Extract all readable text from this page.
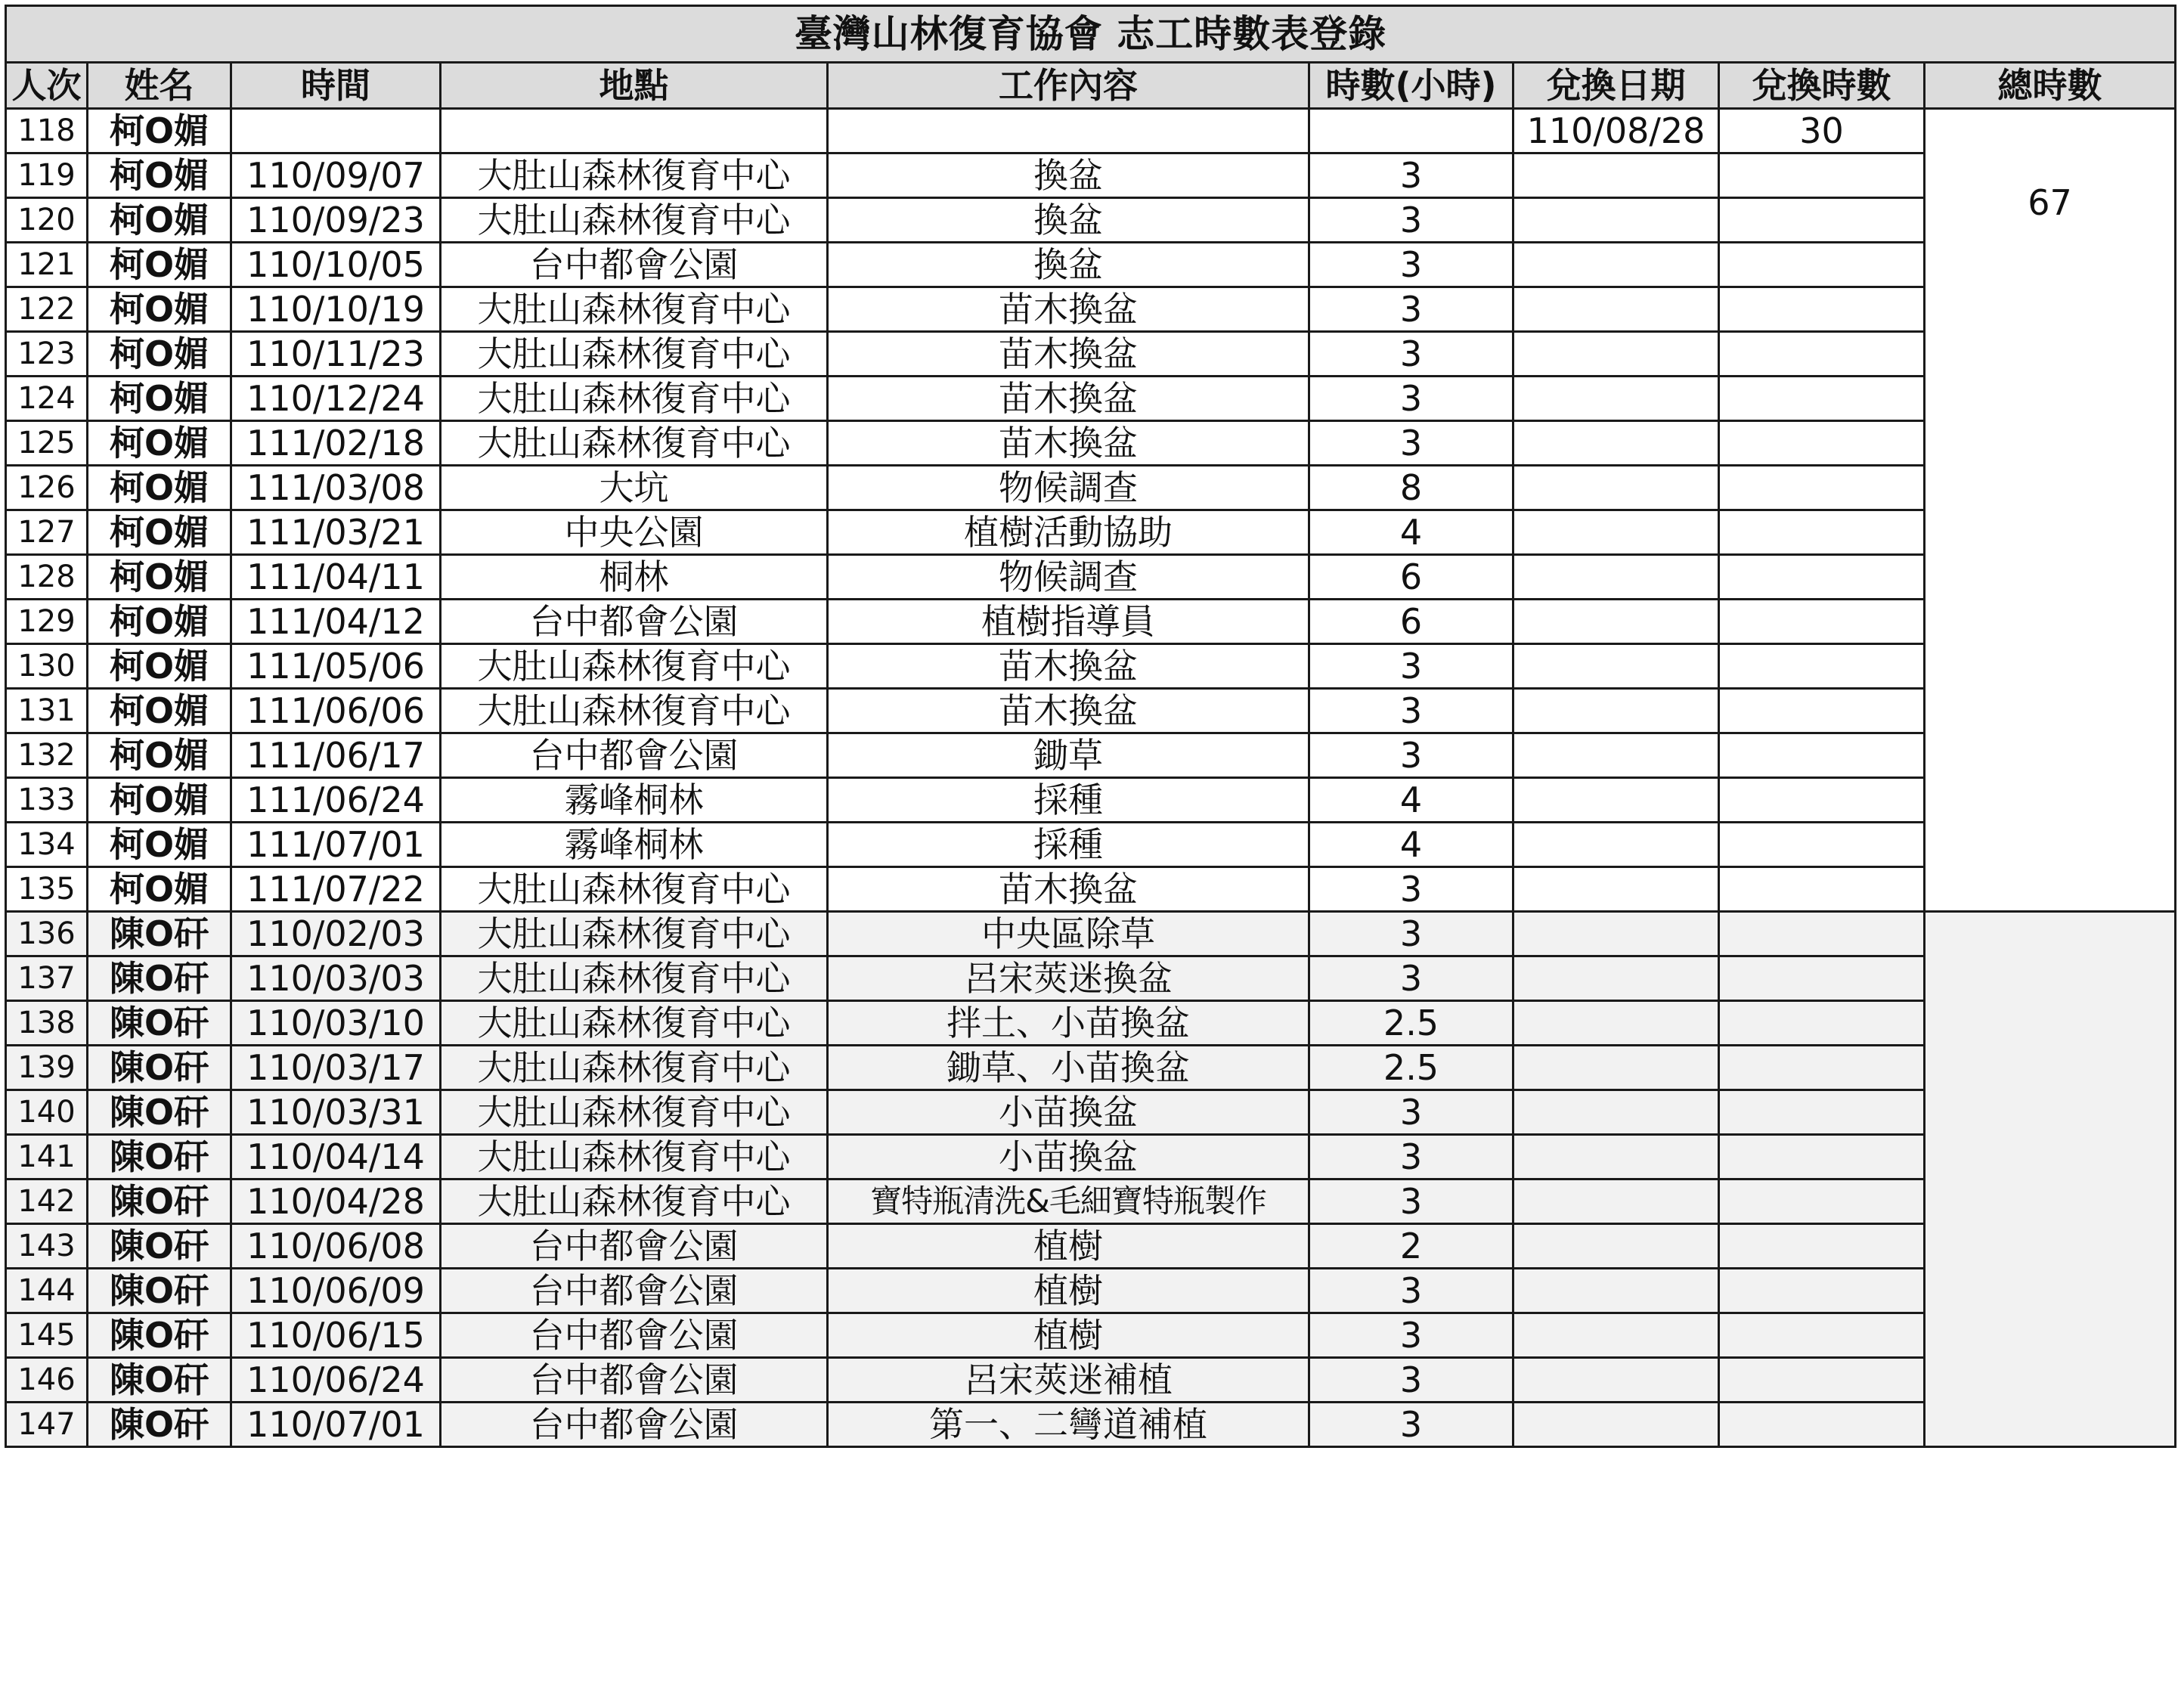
臺灣山林復育協會 志工時數表登錄								
人次	姓名	時間	地點	工作內容	時數(小時)	兌換日期	兌換時數	總時數
118	柯O媚					110/08/28	30	67
119	柯O媚	110/09/07	大肚山森林復育中心	換盆	3			
120	柯O媚	110/09/23	大肚山森林復育中心	換盆	3			
121	柯O媚	110/10/05	台中都會公園	換盆	3			
122	柯O媚	110/10/19	大肚山森林復育中心	苗木換盆	3			
123	柯O媚	110/11/23	大肚山森林復育中心	苗木換盆	3			
124	柯O媚	110/12/24	大肚山森林復育中心	苗木換盆	3			
125	柯O媚	111/02/18	大肚山森林復育中心	苗木換盆	3			
126	柯O媚	111/03/08	大坑	物候調查	8			
127	柯O媚	111/03/21	中央公園	植樹活動協助	4			
128	柯O媚	111/04/11	桐林	物候調查	6			
129	柯O媚	111/04/12	台中都會公園	植樹指導員	6			
130	柯O媚	111/05/06	大肚山森林復育中心	苗木換盆	3			
131	柯O媚	111/06/06	大肚山森林復育中心	苗木換盆	3			
132	柯O媚	111/06/17	台中都會公園	鋤草	3			
133	柯O媚	111/06/24	霧峰桐林	採種	4			
134	柯O媚	111/07/01	霧峰桐林	採種	4			
135	柯O媚	111/07/22	大肚山森林復育中心	苗木換盆	3			
136	陳O矸	110/02/03	大肚山森林復育中心	中央區除草	3			
137	陳O矸	110/03/03	大肚山森林復育中心	呂宋莢迷換盆	3			
138	陳O矸	110/03/10	大肚山森林復育中心	拌土、小苗換盆	2.5			
139	陳O矸	110/03/17	大肚山森林復育中心	鋤草、小苗換盆	2.5			
140	陳O矸	110/03/31	大肚山森林復育中心	小苗換盆	3			
141	陳O矸	110/04/14	大肚山森林復育中心	小苗換盆	3			
142	陳O矸	110/04/28	大肚山森林復育中心	寶特瓶清洗&毛細寶特瓶製作	3			
143	陳O矸	110/06/08	台中都會公園	植樹	2			
144	陳O矸	110/06/09	台中都會公園	植樹	3			
145	陳O矸	110/06/15	台中都會公園	植樹	3			
146	陳O矸	110/06/24	台中都會公園	呂宋莢迷補植	3			
147	陳O矸	110/07/01	台中都會公園	第一、二彎道補植	3			
